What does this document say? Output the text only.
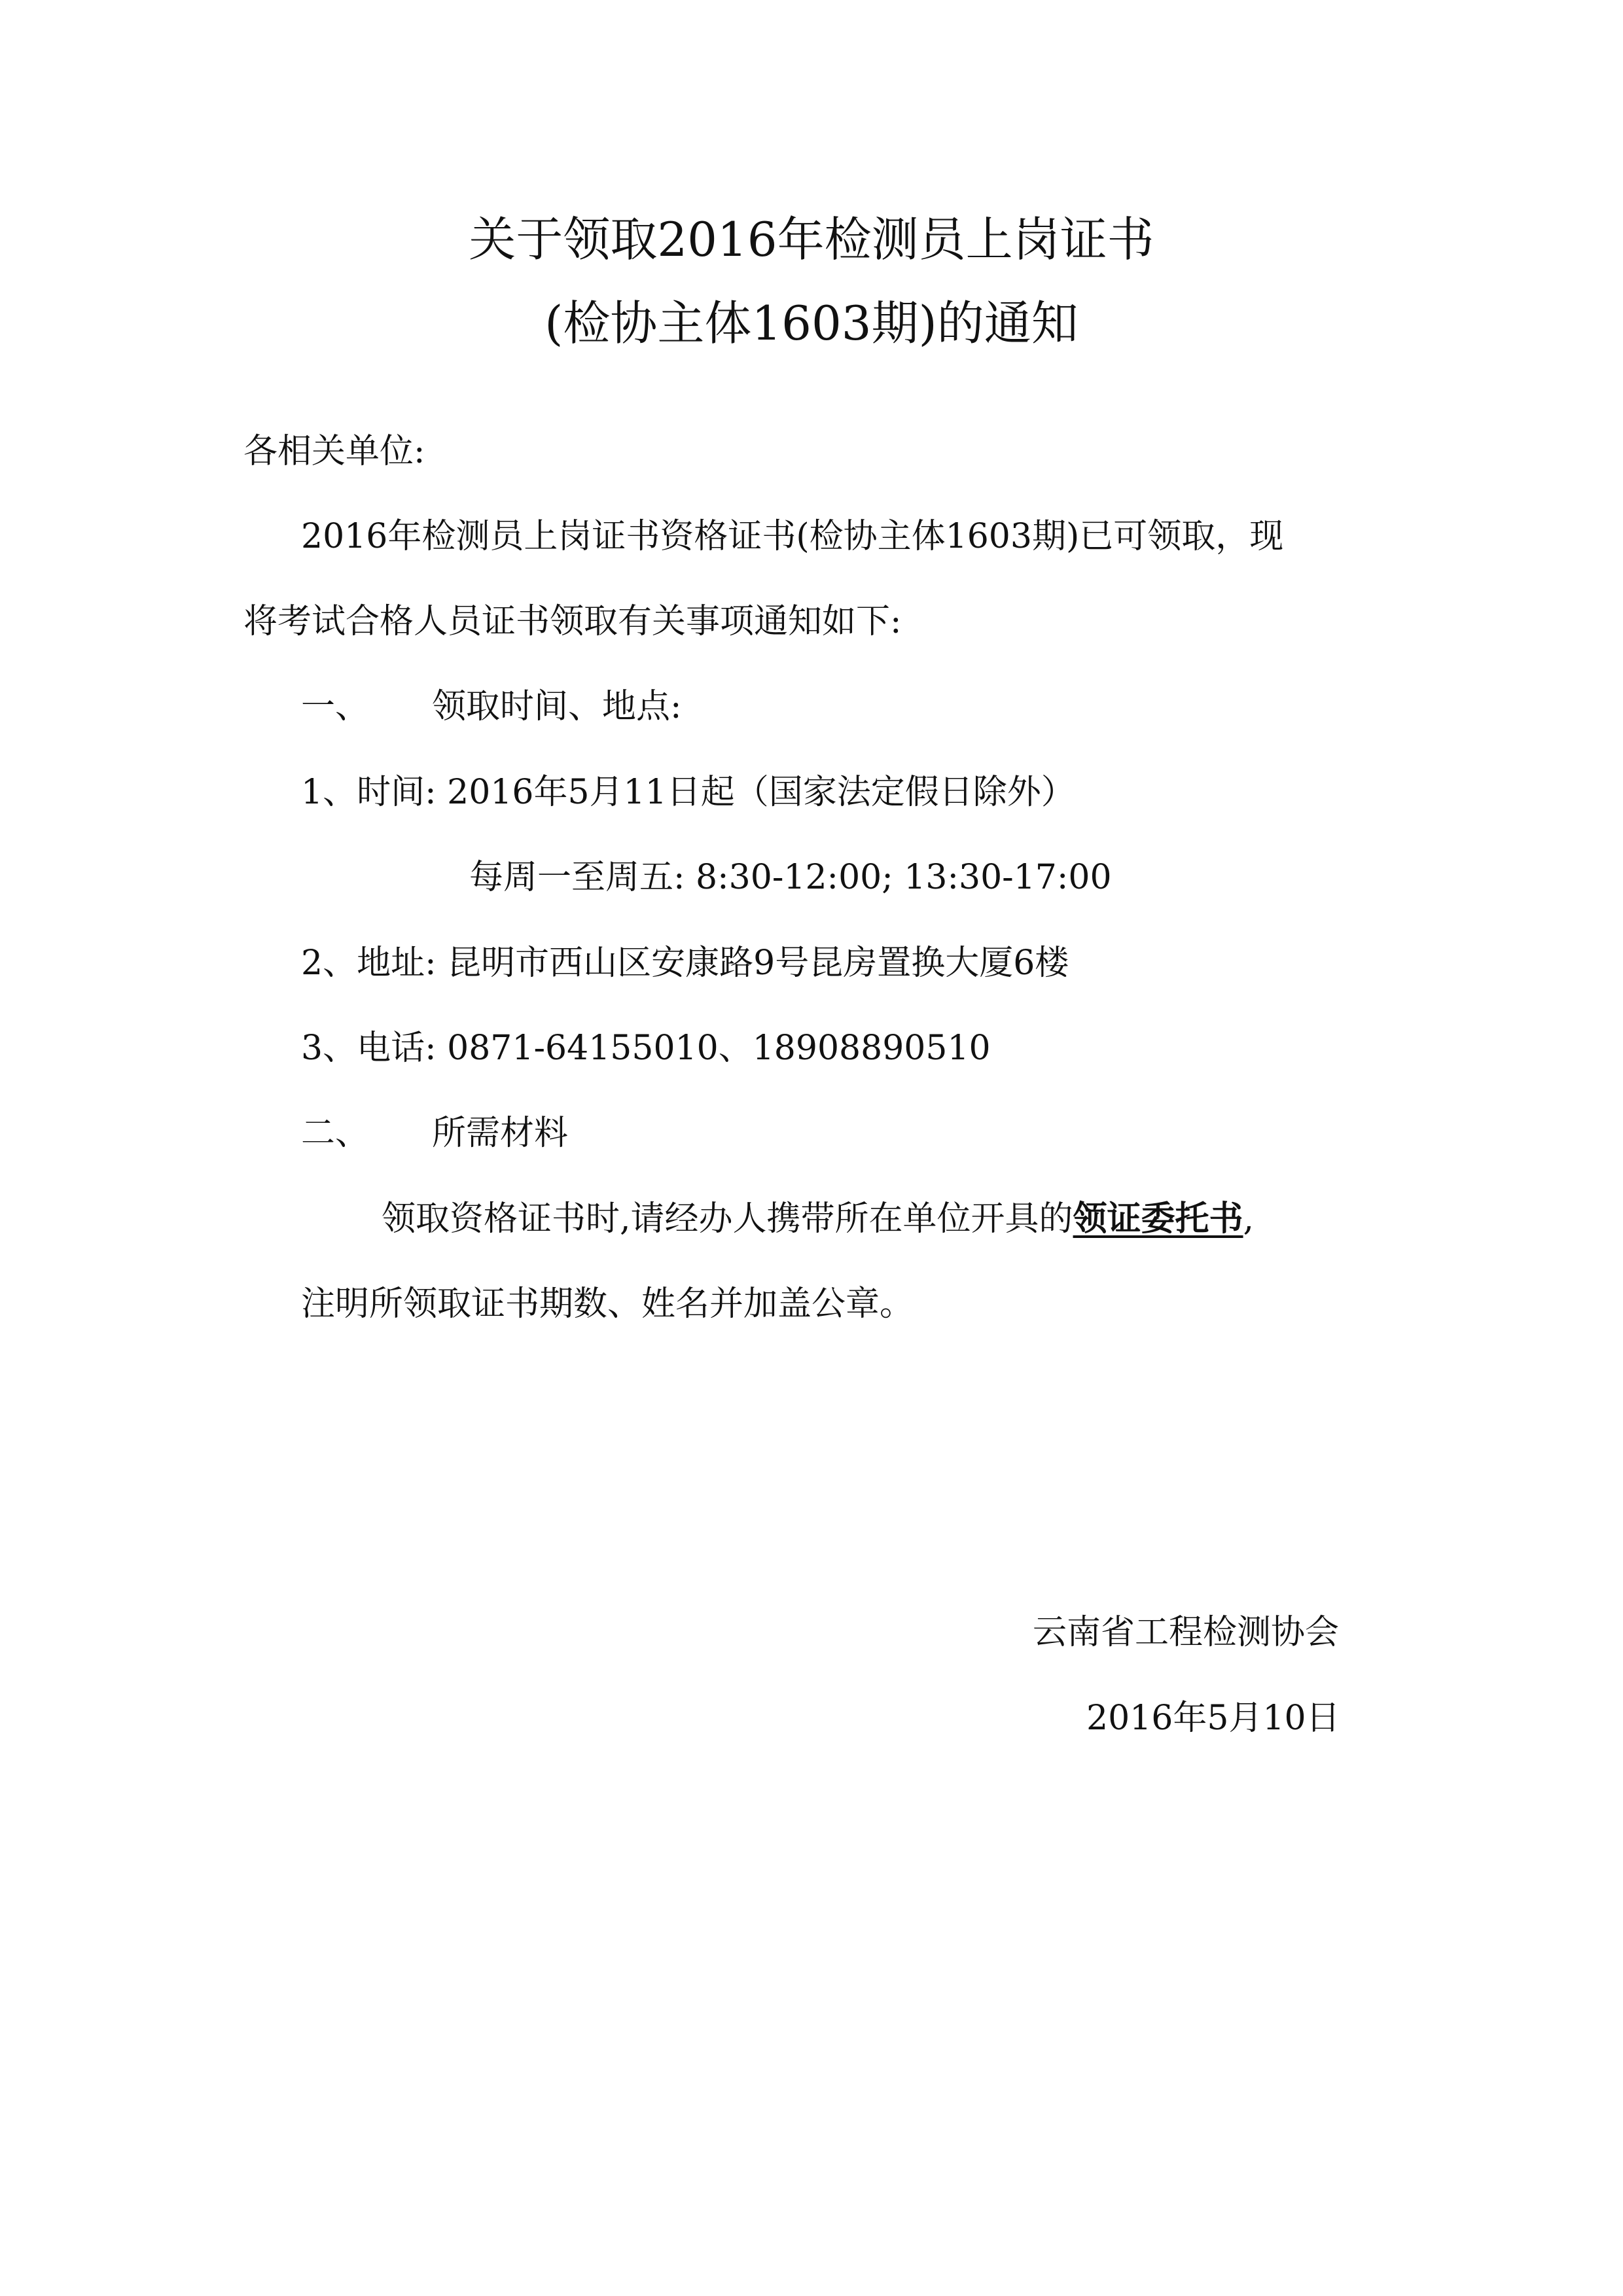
关于领取2016年检测员上岗证书
(检协主体1603期)的通知
各相关单位:
2016年检测员上岗证书资格证书(检协主体1603期)已可领取，现
将考试合格人员证书领取有关事项通知如下:
一、 领取时间、地点:
1、时间: 2016年5月11日起（国家法定假日除外）
每周一至周五: 8:30-12:00; 13:30-17:00
2、地址: 昆明市西山区安康路9号昆房置换大厦6楼
3、电话: 0871-64155010、18908890510
二、 所需材料
领取资格证书时,请经办人携带所在单位开具的领证委托书,
注明所领取证书期数、姓名并加盖公章。
云南省工程检测协会
2016年5月10日
